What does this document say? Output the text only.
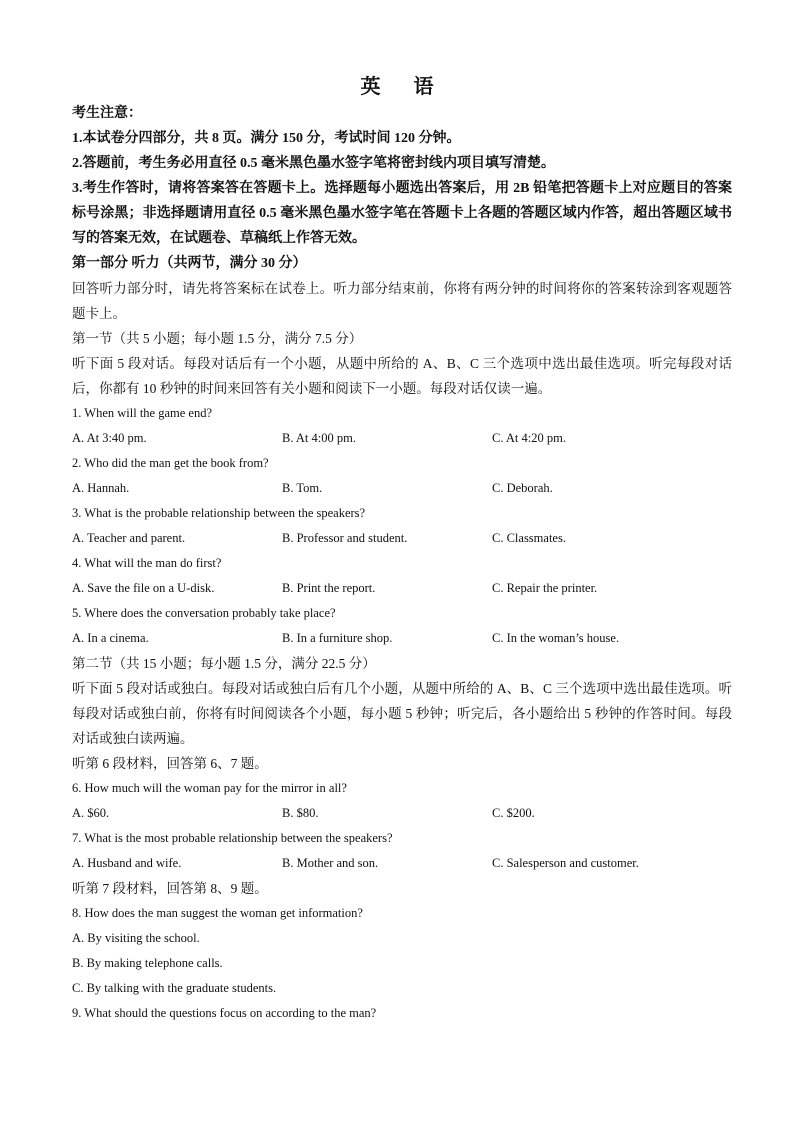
英 语
考生注意：
1.本试卷分四部分，共 8 页。满分 150 分，考试时间 120 分钟。
2.答题前，考生务必用直径 0.5 毫米黑色墨水签字笔将密封线内项目填写清楚。
3.考生作答时，请将答案答在答题卡上。选择题每小题选出答案后，用 2B 铅笔把答题卡上对应题目的答案标号涂黑；非选择题请用直径 0.5 毫米黑色墨水签字笔在答题卡上各题的答题区域内作答，超出答题区域书写的答案无效，在试题卷、草稿纸上作答无效。
第一部分 听力（共两节，满分 30 分）
回答听力部分时，请先将答案标在试卷上。听力部分结束前，你将有两分钟的时间将你的答案转涂到客观题答题卡上。
第一节（共 5 小题；每小题 1.5 分，满分 7.5 分）
听下面 5 段对话。每段对话后有一个小题，从题中所给的 A、B、C 三个选项中选出最佳选项。听完每段对话后，你都有 10 秒钟的时间来回答有关小题和阅读下一小题。每段对话仅读一遍。
1. When will the game end?
A. At 3:40 pm.	B. At 4:00 pm.	C. At 4:20 pm.
2. Who did the man get the book from?
A. Hannah.	B. Tom.	C. Deborah.
3. What is the probable relationship between the speakers?
A. Teacher and parent.	B. Professor and student.	C. Classmates.
4. What will the man do first?
A. Save the file on a U-disk.	B. Print the report.	C. Repair the printer.
5. Where does the conversation probably take place?
A. In a cinema.	B. In a furniture shop.	C. In the woman’s house.
第二节（共 15 小题；每小题 1.5 分，满分 22.5 分）
听下面 5 段对话或独白。每段对话或独白后有几个小题，从题中所给的 A、B、C 三个选项中选出最佳选项。听每段对话或独白前，你将有时间阅读各个小题，每小题 5 秒钟；听完后，各小题给出 5 秒钟的作答时间。每段对话或独白读两遍。
听第 6 段材料，回答第 6、7 题。
6. How much will the woman pay for the mirror in all?
A. $60.	B. $80.	C. $200.
7. What is the most probable relationship between the speakers?
A. Husband and wife.	B. Mother and son.	C. Salesperson and customer.
听第 7 段材料，回答第 8、9 题。
8. How does the man suggest the woman get information?
A. By visiting the school.
B. By making telephone calls.
C. By talking with the graduate students.
9. What should the questions focus on according to the man?
